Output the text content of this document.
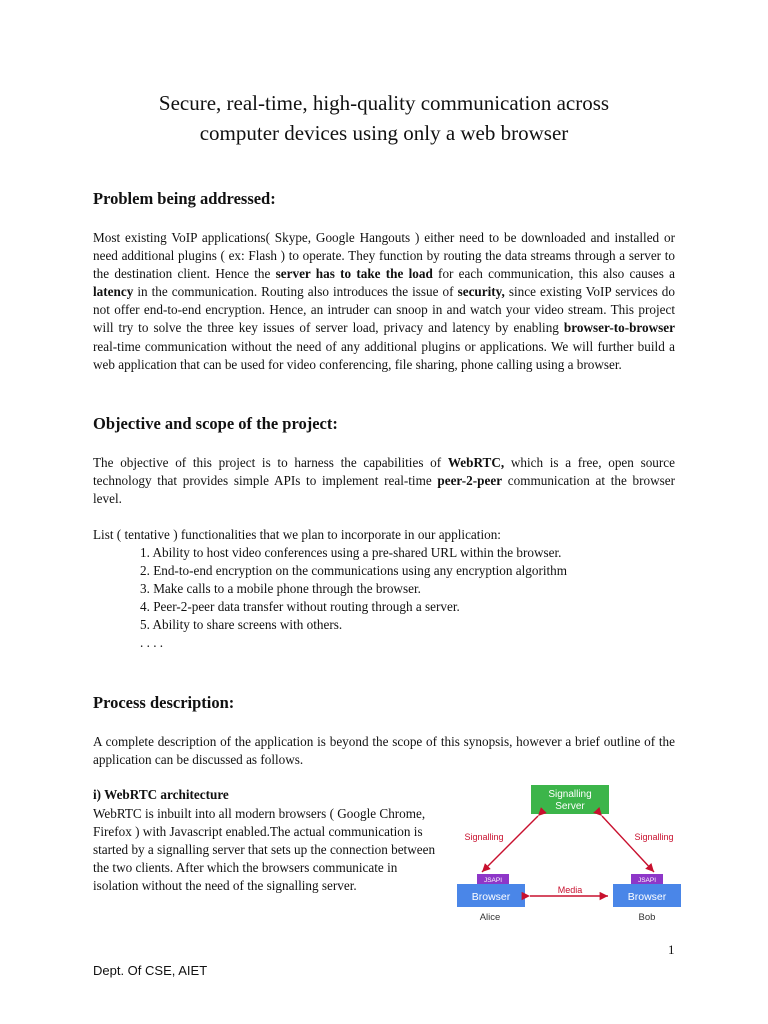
Secure, real-time, high-quality communication across
computer devices using only a web browser
Problem being addressed:

Most existing VoIP applications( Skype, Google Hangouts ) either need to be downloaded and installed or need additional plugins ( ex: Flash ) to operate. They function by routing the data streams through a server to the destination client. Hence the server has to take the load for each communication, this also causes a latency in the communication. Routing also introduces the issue of security, since existing VoIP services do not offer end-to-end encryption. Hence, an intruder can snoop in and watch your video stream. This project will try to solve the three key issues of server load, privacy and latency by enabling browser-to-browser real-time communication without the need of any additional plugins or applications. We will further build a web application that can be used for video conferencing, file sharing, phone calling using a browser.

Objective and scope of the project:

The objective of this project is to harness the capabilities of WebRTC, which is a free, open source technology that provides simple APIs to implement real-time peer-2-peer communication at the browser level.

List ( tentative ) functionalities that we plan to incorporate in our application:

1. Ability to host video conferences using a pre-shared URL within the browser.
2. End-to-end encryption on the communications using any encryption algorithm
3. Make calls to a mobile phone through the browser.
4. Peer-2-peer data transfer without routing through a server.
5. Ability to share screens with others.
. . . .
Process description:

A complete description of the application is beyond the scope of this synopsis, however a brief outline of the application can be discussed as follows.

i) WebRTC architecture

WebRTC is inbuilt into all modern browsers ( Google Chrome, Firefox ) with Javascript enabled.The actual communication is started by a signalling server that sets up the connection between the two clients. After which the browsers communicate in isolation without the need of the signalling server.

Signalling
Server
Signalling	Signalling
JSAPI	JSAPI
Browser	Browser
Media
Alice	Bob
1
Dept. Of CSE, AIET
